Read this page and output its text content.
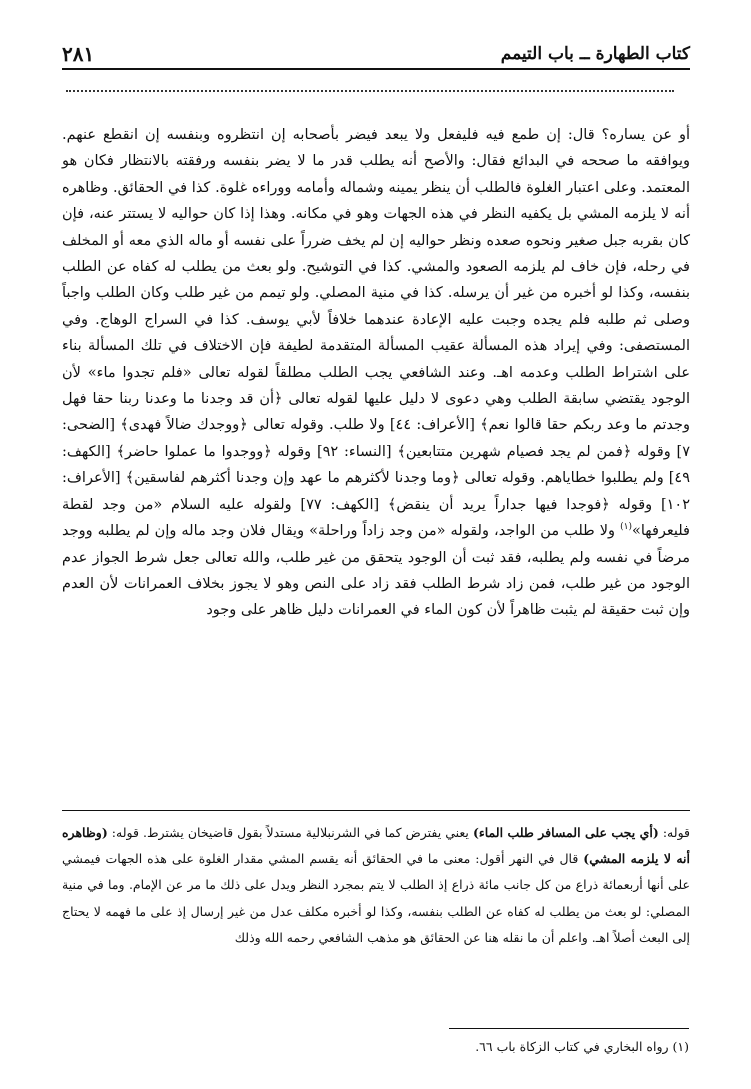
٢٨١	كتاب الطهارة ــ باب التيمم

أو عن يساره؟ قال: إن طمع فيه فليفعل ولا يبعد فيضر بأصحابه إن انتظروه وبنفسه إن انقطع عنهم. ويوافقه ما صححه في البدائع فقال: والأصح أنه يطلب قدر ما لا يضر بنفسه ورفقته بالانتظار فكان هو المعتمد. وعلى اعتبار الغلوة فالطلب أن ينظر يمينه وشماله وأمامه ووراءه غلوة. كذا في الحقائق. وظاهره أنه لا يلزمه المشي بل يكفيه النظر في هذه الجهات وهو في مكانه. وهذا إذا كان حواليه لا يستتر عنه، فإن كان بقربه جبل صغير ونحوه صعده ونظر حواليه إن لم يخف ضرراً على نفسه أو ماله الذي معه أو المخلف في رحله، فإن خاف لم يلزمه الصعود والمشي. كذا في التوشيح. ولو بعث من يطلب له كفاه عن الطلب بنفسه، وكذا لو أخبره من غير أن يرسله. كذا في منية المصلي. ولو تيمم من غير طلب وكان الطلب واجباً وصلى ثم طلبه فلم يجده وجبت عليه الإعادة عندهما خلافاً لأبي يوسف. كذا في السراج الوهاج. وفي المستصفى: وفي إيراد هذه المسألة عقيب المسألة المتقدمة لطيفة فإن الاختلاف في تلك المسألة بناء على اشتراط الطلب وعدمه اهـ. وعند الشافعي يجب الطلب مطلقاً لقوله تعالى «فلم تجدوا ماء» لأن الوجود يقتضي سابقة الطلب وهي دعوى لا دليل عليها لقوله تعالى ﴿أن قد وجدنا ما وعدنا ربنا حقا فهل وجدتم ما وعد ربكم حقا قالوا نعم﴾ [الأعراف: ٤٤] ولا طلب. وقوله تعالى ﴿ووجدك ضالاً فهدى﴾ [الضحى: ٧] وقوله ﴿فمن لم يجد فصيام شهرين متتابعين﴾ [النساء: ٩٢] وقوله ﴿ووجدوا ما عملوا حاضر﴾ [الكهف: ٤٩] ولم يطلبوا خطاياهم. وقوله تعالى ﴿وما وجدنا لأكثرهم ما عهد وإن وجدنا أكثرهم لفاسقين﴾ [الأعراف: ١٠٢] وقوله ﴿فوجدا فيها جداراً يريد أن ينقض﴾ [الكهف: ٧٧] ولقوله عليه السلام «من وجد لقطة فليعرفها»$^{(١)}$ ولا طلب من الواجد، ولقوله «من وجد زاداً وراحلة» ويقال فلان وجد ماله وإن لم يطلبه ووجد مرضاً في نفسه ولم يطلبه، فقد ثبت أن الوجود يتحقق من غير طلب، والله تعالى جعل شرط الجواز عدم الوجود من غير طلب، فمن زاد شرط الطلب فقد زاد على النص وهو لا يجوز بخلاف العمرانات لأن العدم وإن ثبت حقيقة لم يثبت ظاهراً لأن كون الماء في العمرانات دليل ظاهر على وجود

قوله: (أي يجب على المسافر طلب الماء) يعني يفترض كما في الشرنبلالية مستدلاً بقول قاضيخان يشترط. قوله: (وظاهره أنه لا يلزمه المشي) قال في النهر أقول: معنى ما في الحقائق أنه يقسم المشي مقدار الغلوة على هذه الجهات فيمشي على أنها أربعمائة ذراع من كل جانب مائة ذراع إذ الطلب لا يتم بمجرد النظر ويدل على ذلك ما مر عن الإمام. وما في منية المصلي: لو بعث من يطلب له كفاه عن الطلب بنفسه، وكذا لو أخبره مكلف عدل من غير إرسال إذ على ما فهمه لا يحتاج إلى البعث أصلاً اهـ. واعلم أن ما نقله هنا عن الحقائق هو مذهب الشافعي رحمه الله وذلك

(١) رواه البخاري في كتاب الزكاة باب ٦٦.
